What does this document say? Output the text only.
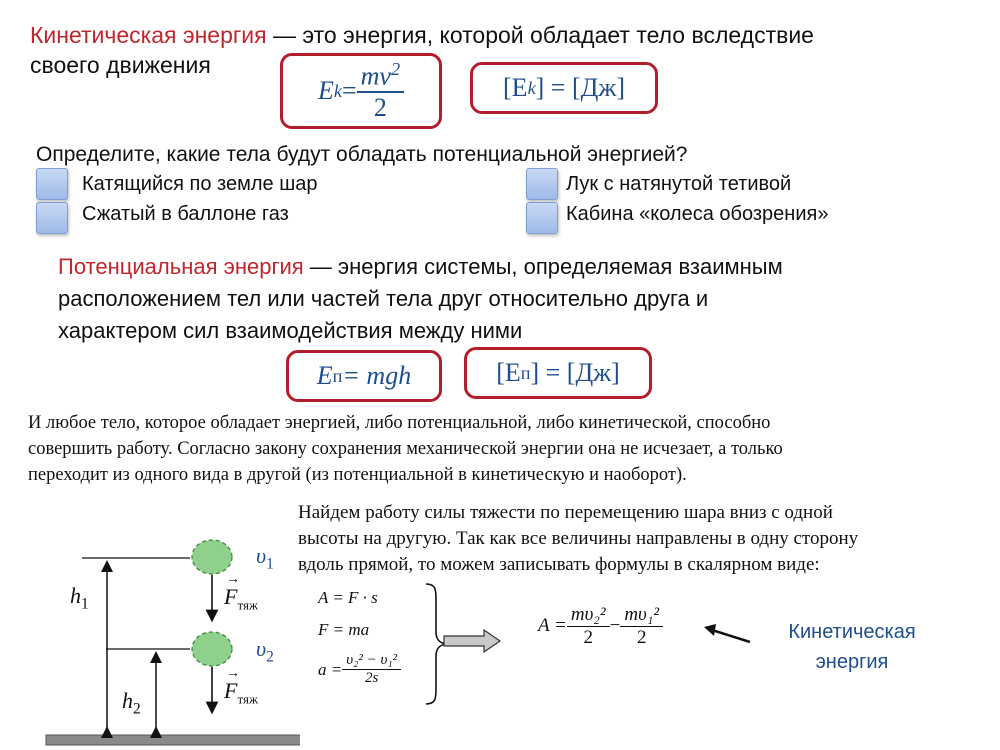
Кинетическая энергия — это энергия, которой обладает тело вследствие
своего движения
E $k = \frac{mv^2}{2}$	[E k ] = [Дж]
Определите, какие тела будут обладать потенциальной энергией?
Катящийся по земле шар	Лук с натянутой тетивой
Сжатый в баллоне газ	Кабина «колеса обозрения»
Потенциальная энергия — энергия системы, определяемая взаимным
расположением тел или частей тела друг относительно друга и
характером сил взаимодействия между ними
E п = mgh	[E п ] = [Дж]
И любое тело, которое обладает энергией, либо потенциальной, либо кинетической, способно
совершить работу. Согласно закону сохранения механической энергии она не исчезает, а только
переходит из одного вида в другой (из потенциальной в кинетическую и наоборот).
Найдем работу силы тяжести по перемещению шара вниз с одной
высоты на другую. Так как все величины направлены в одну сторону
вдоль прямой, то можем записывать формулы в скалярном виде:
A = F · s
F = ma
$a = \frac{\text{υ₂² − υ₁²}}{2s}$
$A = \frac{\text{mυ₂²}}{2} - \frac{\text{mυ₁²}}{2}$	Кинетическая
энергия
$h_1$
$h_2$
$\upsilon_1$
$\upsilon_2$
→
$F_{тяж}$
→
$F_{тяж}$
